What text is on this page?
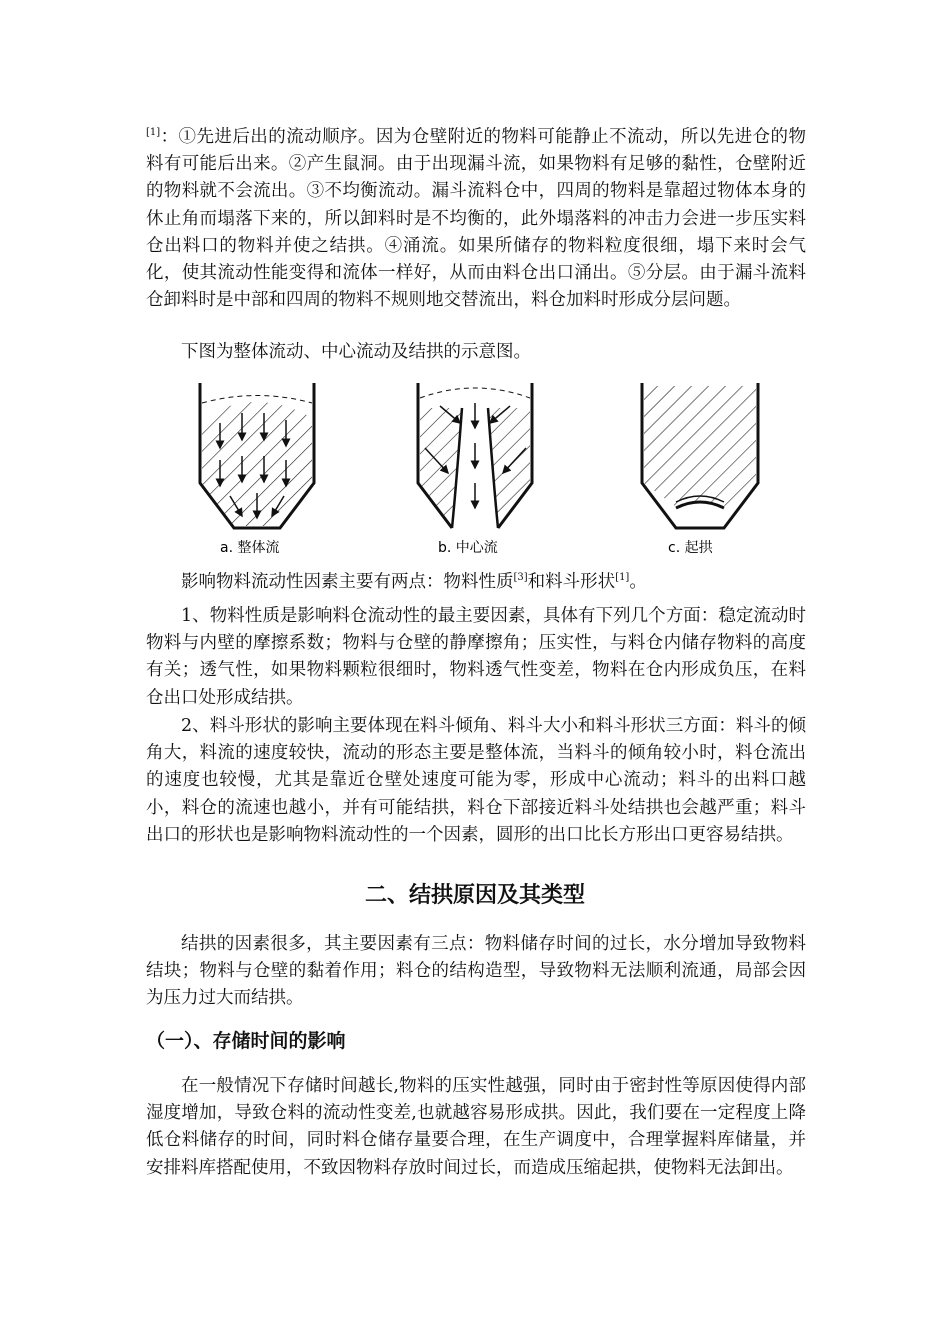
[1]：①先进后出的流动顺序。因为仓壁附近的物料可能静止不流动，所以先进仓的物料有可能后出来。②产生鼠洞。由于出现漏斗流，如果物料有足够的黏性，仓壁附近的物料就不会流出。③不均衡流动。漏斗流料仓中，四周的物料是靠超过物体本身的休止角而塌落下来的，所以卸料时是不均衡的，此外塌落料的冲击力会进一步压实料仓出料口的物料并使之结拱。④涌流。如果所储存的物料粒度很细，塌下来时会气化，使其流动性能变得和流体一样好，从而由料仓出口涌出。⑤分层。由于漏斗流料仓卸料时是中部和四周的物料不规则地交替流出，料仓加料时形成分层问题。

下图为整体流动、中心流动及结拱的示意图。

a. 整体流	b. 中心流	c. 起拱

影响物料流动性因素主要有两点：物料性质[3]和料斗形状[1]。

1、物料性质是影响料仓流动性的最主要因素，具体有下列几个方面：稳定流动时物料与内壁的摩擦系数；物料与仓壁的静摩擦角；压实性，与料仓内储存物料的高度有关；透气性，如果物料颗粒很细时，物料透气性变差，物料在仓内形成负压，在料仓出口处形成结拱。

2、料斗形状的影响主要体现在料斗倾角、料斗大小和料斗形状三方面：料斗的倾角大，料流的速度较快，流动的形态主要是整体流，当料斗的倾角较小时，料仓流出的速度也较慢，尤其是靠近仓壁处速度可能为零，形成中心流动；料斗的出料口越小，料仓的流速也越小，并有可能结拱，料仓下部接近料斗处结拱也会越严重；料斗出口的形状也是影响物料流动性的一个因素，圆形的出口比长方形出口更容易结拱。

二、结拱原因及其类型

结拱的因素很多，其主要因素有三点：物料储存时间的过长，水分增加导致物料结块；物料与仓壁的黏着作用；料仓的结构造型，导致物料无法顺利流通，局部会因为压力过大而结拱。

（一）、存储时间的影响

在一般情况下存储时间越长,物料的压实性越强，同时由于密封性等原因使得内部湿度增加，导致仓料的流动性变差,也就越容易形成拱。因此，我们要在一定程度上降低仓料储存的时间，同时料仓储存量要合理，在生产调度中，合理掌握料库储量，并安排料库搭配使用，不致因物料存放时间过长，而造成压缩起拱，使物料无法卸出。
